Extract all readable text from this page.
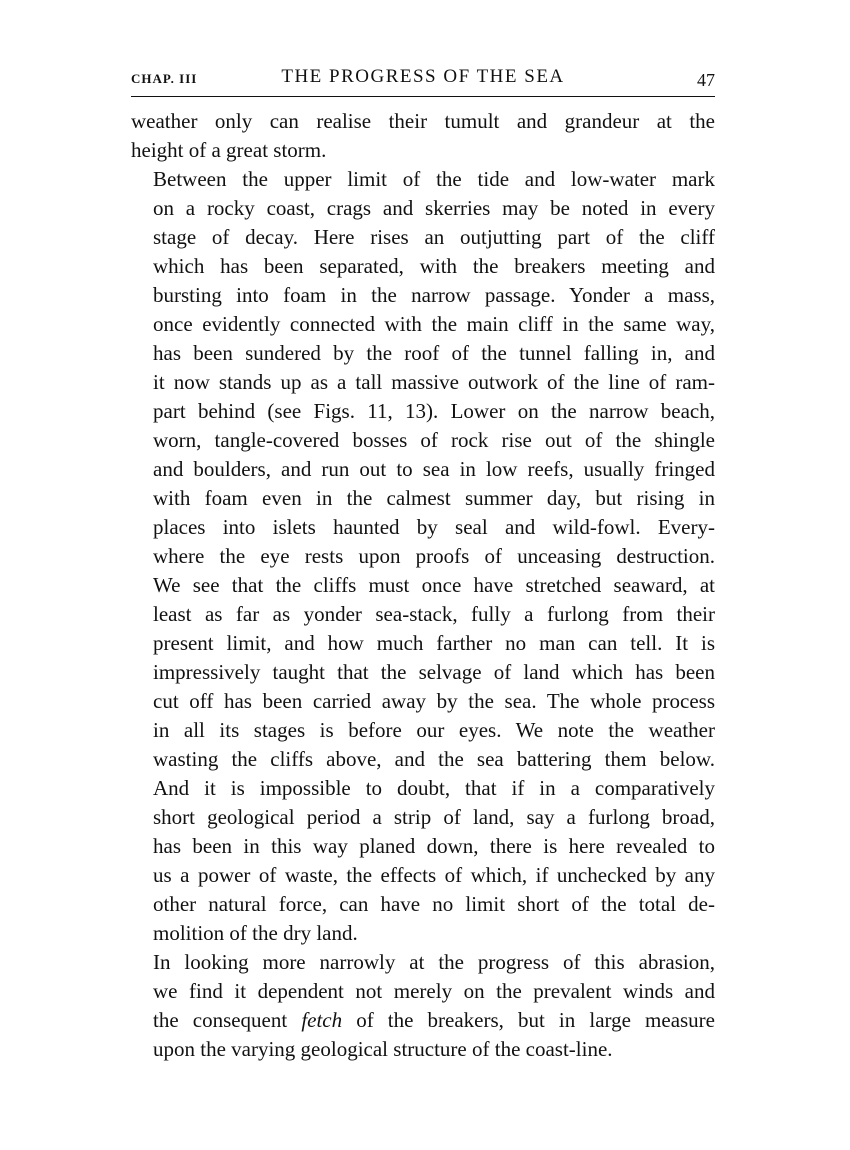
CHAP. III	THE PROGRESS OF THE SEA	47

weather only can realise their tumult and grandeur at the
height of a great storm.

Between the upper limit of the tide and low-water mark
on a rocky coast, crags and skerries may be noted in every
stage of decay. Here rises an outjutting part of the cliff
which has been separated, with the breakers meeting and
bursting into foam in the narrow passage. Yonder a mass,
once evidently connected with the main cliff in the same way,
has been sundered by the roof of the tunnel falling in, and
it now stands up as a tall massive outwork of the line of ram-
part behind (see Figs. 11, 13). Lower on the narrow beach,
worn, tangle-covered bosses of rock rise out of the shingle
and boulders, and run out to sea in low reefs, usually fringed
with foam even in the calmest summer day, but rising in
places into islets haunted by seal and wild-fowl. Every-
where the eye rests upon proofs of unceasing destruction.
We see that the cliffs must once have stretched seaward, at
least as far as yonder sea-stack, fully a furlong from their
present limit, and how much farther no man can tell. It is
impressively taught that the selvage of land which has been
cut off has been carried away by the sea. The whole process
in all its stages is before our eyes. We note the weather
wasting the cliffs above, and the sea battering them below.
And it is impossible to doubt, that if in a comparatively
short geological period a strip of land, say a furlong broad,
has been in this way planed down, there is here revealed to
us a power of waste, the effects of which, if unchecked by any
other natural force, can have no limit short of the total de-
molition of the dry land.

In looking more narrowly at the progress of this abrasion,
we find it dependent not merely on the prevalent winds and
the consequent fetch of the breakers, but in large measure
upon the varying geological structure of the coast-line.
